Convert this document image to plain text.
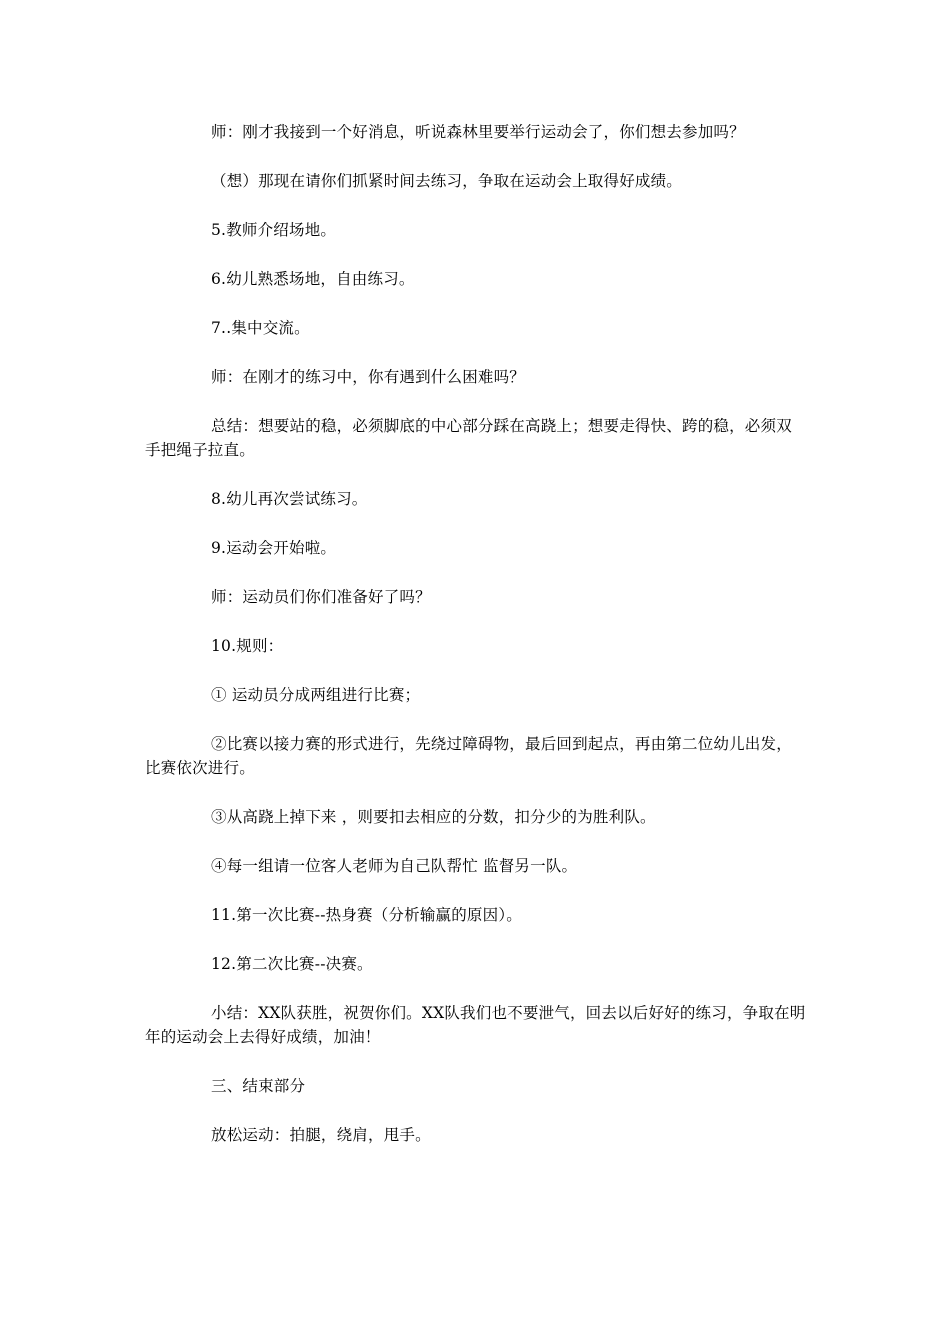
师：刚才我接到一个好消息，听说森林里要举行运动会了，你们想去参加吗？

（想）那现在请你们抓紧时间去练习，争取在运动会上取得好成绩。

5.教师介绍场地。

6.幼儿熟悉场地，自由练习。

7..集中交流。

师：在刚才的练习中，你有遇到什么困难吗？

总结：想要站的稳，必须脚底的中心部分踩在高跷上；想要走得快、跨的稳，必须双手把绳子拉直。

8.幼儿再次尝试练习。

9.运动会开始啦。

师：运动员们你们准备好了吗？

10.规则：

① 运动员分成两组进行比赛；

②比赛以接力赛的形式进行，先绕过障碍物，最后回到起点，再由第二位幼儿出发，比赛依次进行。

③从高跷上掉下来 ，则要扣去相应的分数，扣分少的为胜利队。

④每一组请一位客人老师为自己队帮忙 监督另一队。

11.第一次比赛--热身赛（分析输赢的原因）。

12.第二次比赛--决赛。

小结：XX队获胜，祝贺你们。XX队我们也不要泄气，回去以后好好的练习，争取在明年的运动会上去得好成绩，加油！

三、结束部分

放松运动：拍腿，绕肩，甩手。
